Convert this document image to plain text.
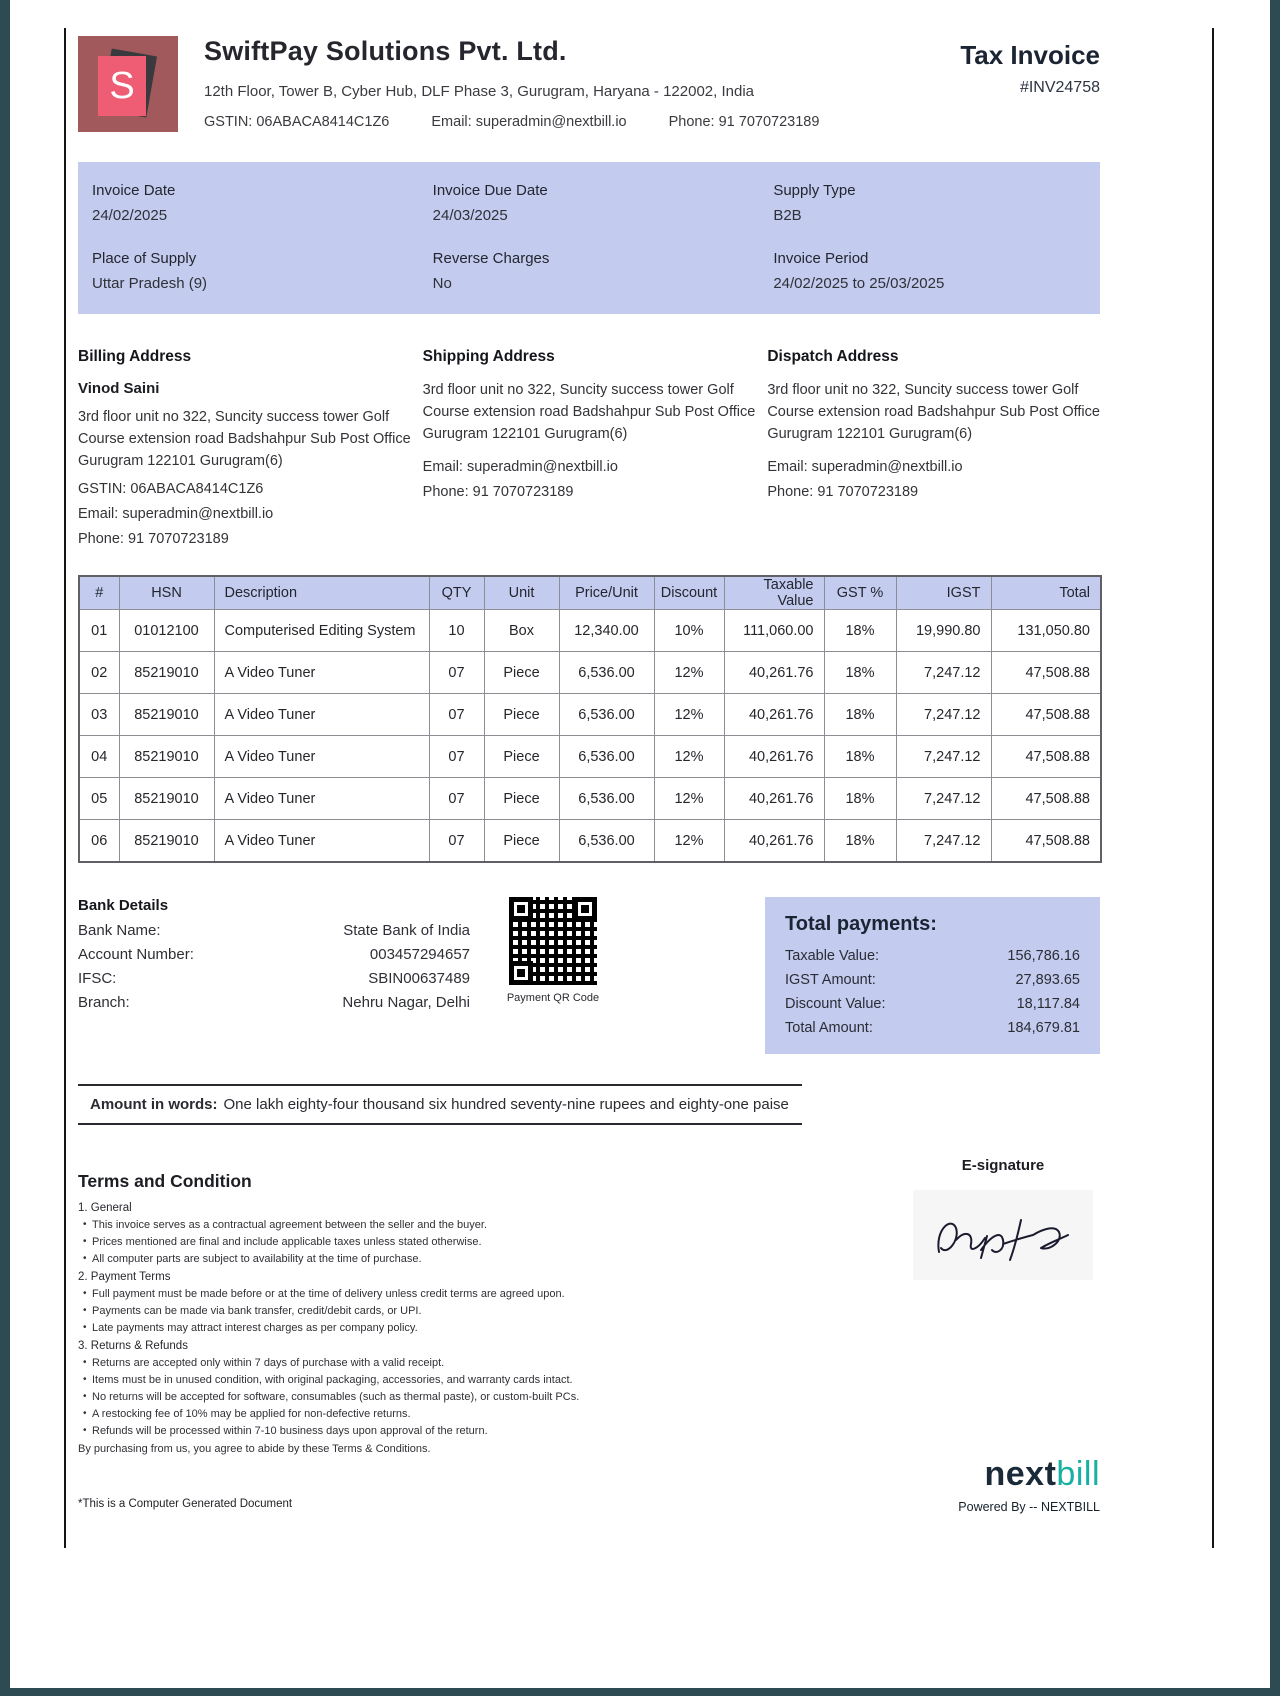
S
SwiftPay Solutions Pvt. Ltd.
12th Floor, Tower B, Cyber Hub, DLF Phase 3, Gurugram, Haryana - 122002, India
GSTIN: 06ABACA8414C1Z6	Email: superadmin@nextbill.io	Phone: 91 7070723189
Tax Invoice
#INV24758
Invoice Date
24/02/2025
Invoice Due Date
24/03/2025
Supply Type
B2B
Place of Supply
Uttar Pradesh (9)
Reverse Charges
No
Invoice Period
24/02/2025 to 25/03/2025
Billing Address
Vinod Saini
3rd floor unit no 322, Suncity success tower Golf Course extension road Badshahpur Sub Post Office Gurugram 122101 Gurugram(6)
GSTIN: 06ABACA8414C1Z6
Email: superadmin@nextbill.io
Phone: 91 7070723189
Shipping Address
3rd floor unit no 322, Suncity success tower Golf Course extension road Badshahpur Sub Post Office Gurugram 122101 Gurugram(6)
Email: superadmin@nextbill.io
Phone: 91 7070723189
Dispatch Address
3rd floor unit no 322, Suncity success tower Golf Course extension road Badshahpur Sub Post Office Gurugram 122101 Gurugram(6)
Email: superadmin@nextbill.io
Phone: 91 7070723189
#	HSN	Description	QTY	Unit	Price/Unit	Discount	Taxable Value	GST %	IGST	Total
01	01012100	Computerised Editing System	10	Box	12,340.00	10%	111,060.00	18%	19,990.80	131,050.80
02	85219010	A Video Tuner	07	Piece	6,536.00	12%	40,261.76	18%	7,247.12	47,508.88
03	85219010	A Video Tuner	07	Piece	6,536.00	12%	40,261.76	18%	7,247.12	47,508.88
04	85219010	A Video Tuner	07	Piece	6,536.00	12%	40,261.76	18%	7,247.12	47,508.88
05	85219010	A Video Tuner	07	Piece	6,536.00	12%	40,261.76	18%	7,247.12	47,508.88
06	85219010	A Video Tuner	07	Piece	6,536.00	12%	40,261.76	18%	7,247.12	47,508.88
Bank Details
Bank Name:	State Bank of India
Account Number:	003457294657
IFSC:	SBIN00637489
Branch:	Nehru Nagar, Delhi	Payment QR Code
Total payments:
Taxable Value:	156,786.16
IGST Amount:	27,893.65
Discount Value:	18,117.84
Total Amount:	184,679.81
Amount in words: One lakh eighty-four thousand six hundred seventy-nine rupees and eighty-one paise
Terms and Condition
1. General
• This invoice serves as a contractual agreement between the seller and the buyer.
• Prices mentioned are final and include applicable taxes unless stated otherwise.
• All computer parts are subject to availability at the time of purchase.
2. Payment Terms
• Full payment must be made before or at the time of delivery unless credit terms are agreed upon.
• Payments can be made via bank transfer, credit/debit cards, or UPI.
• Late payments may attract interest charges as per company policy.
3. Returns & Refunds
• Returns are accepted only within 7 days of purchase with a valid receipt.
• Items must be in unused condition, with original packaging, accessories, and warranty cards intact.
• No returns will be accepted for software, consumables (such as thermal paste), or custom-built PCs.
• A restocking fee of 10% may be applied for non-defective returns.
• Refunds will be processed within 7-10 business days upon approval of the return.
By purchasing from us, you agree to abide by these Terms & Conditions.
E-signature
*This is a Computer Generated Document
nextbill
Powered By -- NEXTBILL
